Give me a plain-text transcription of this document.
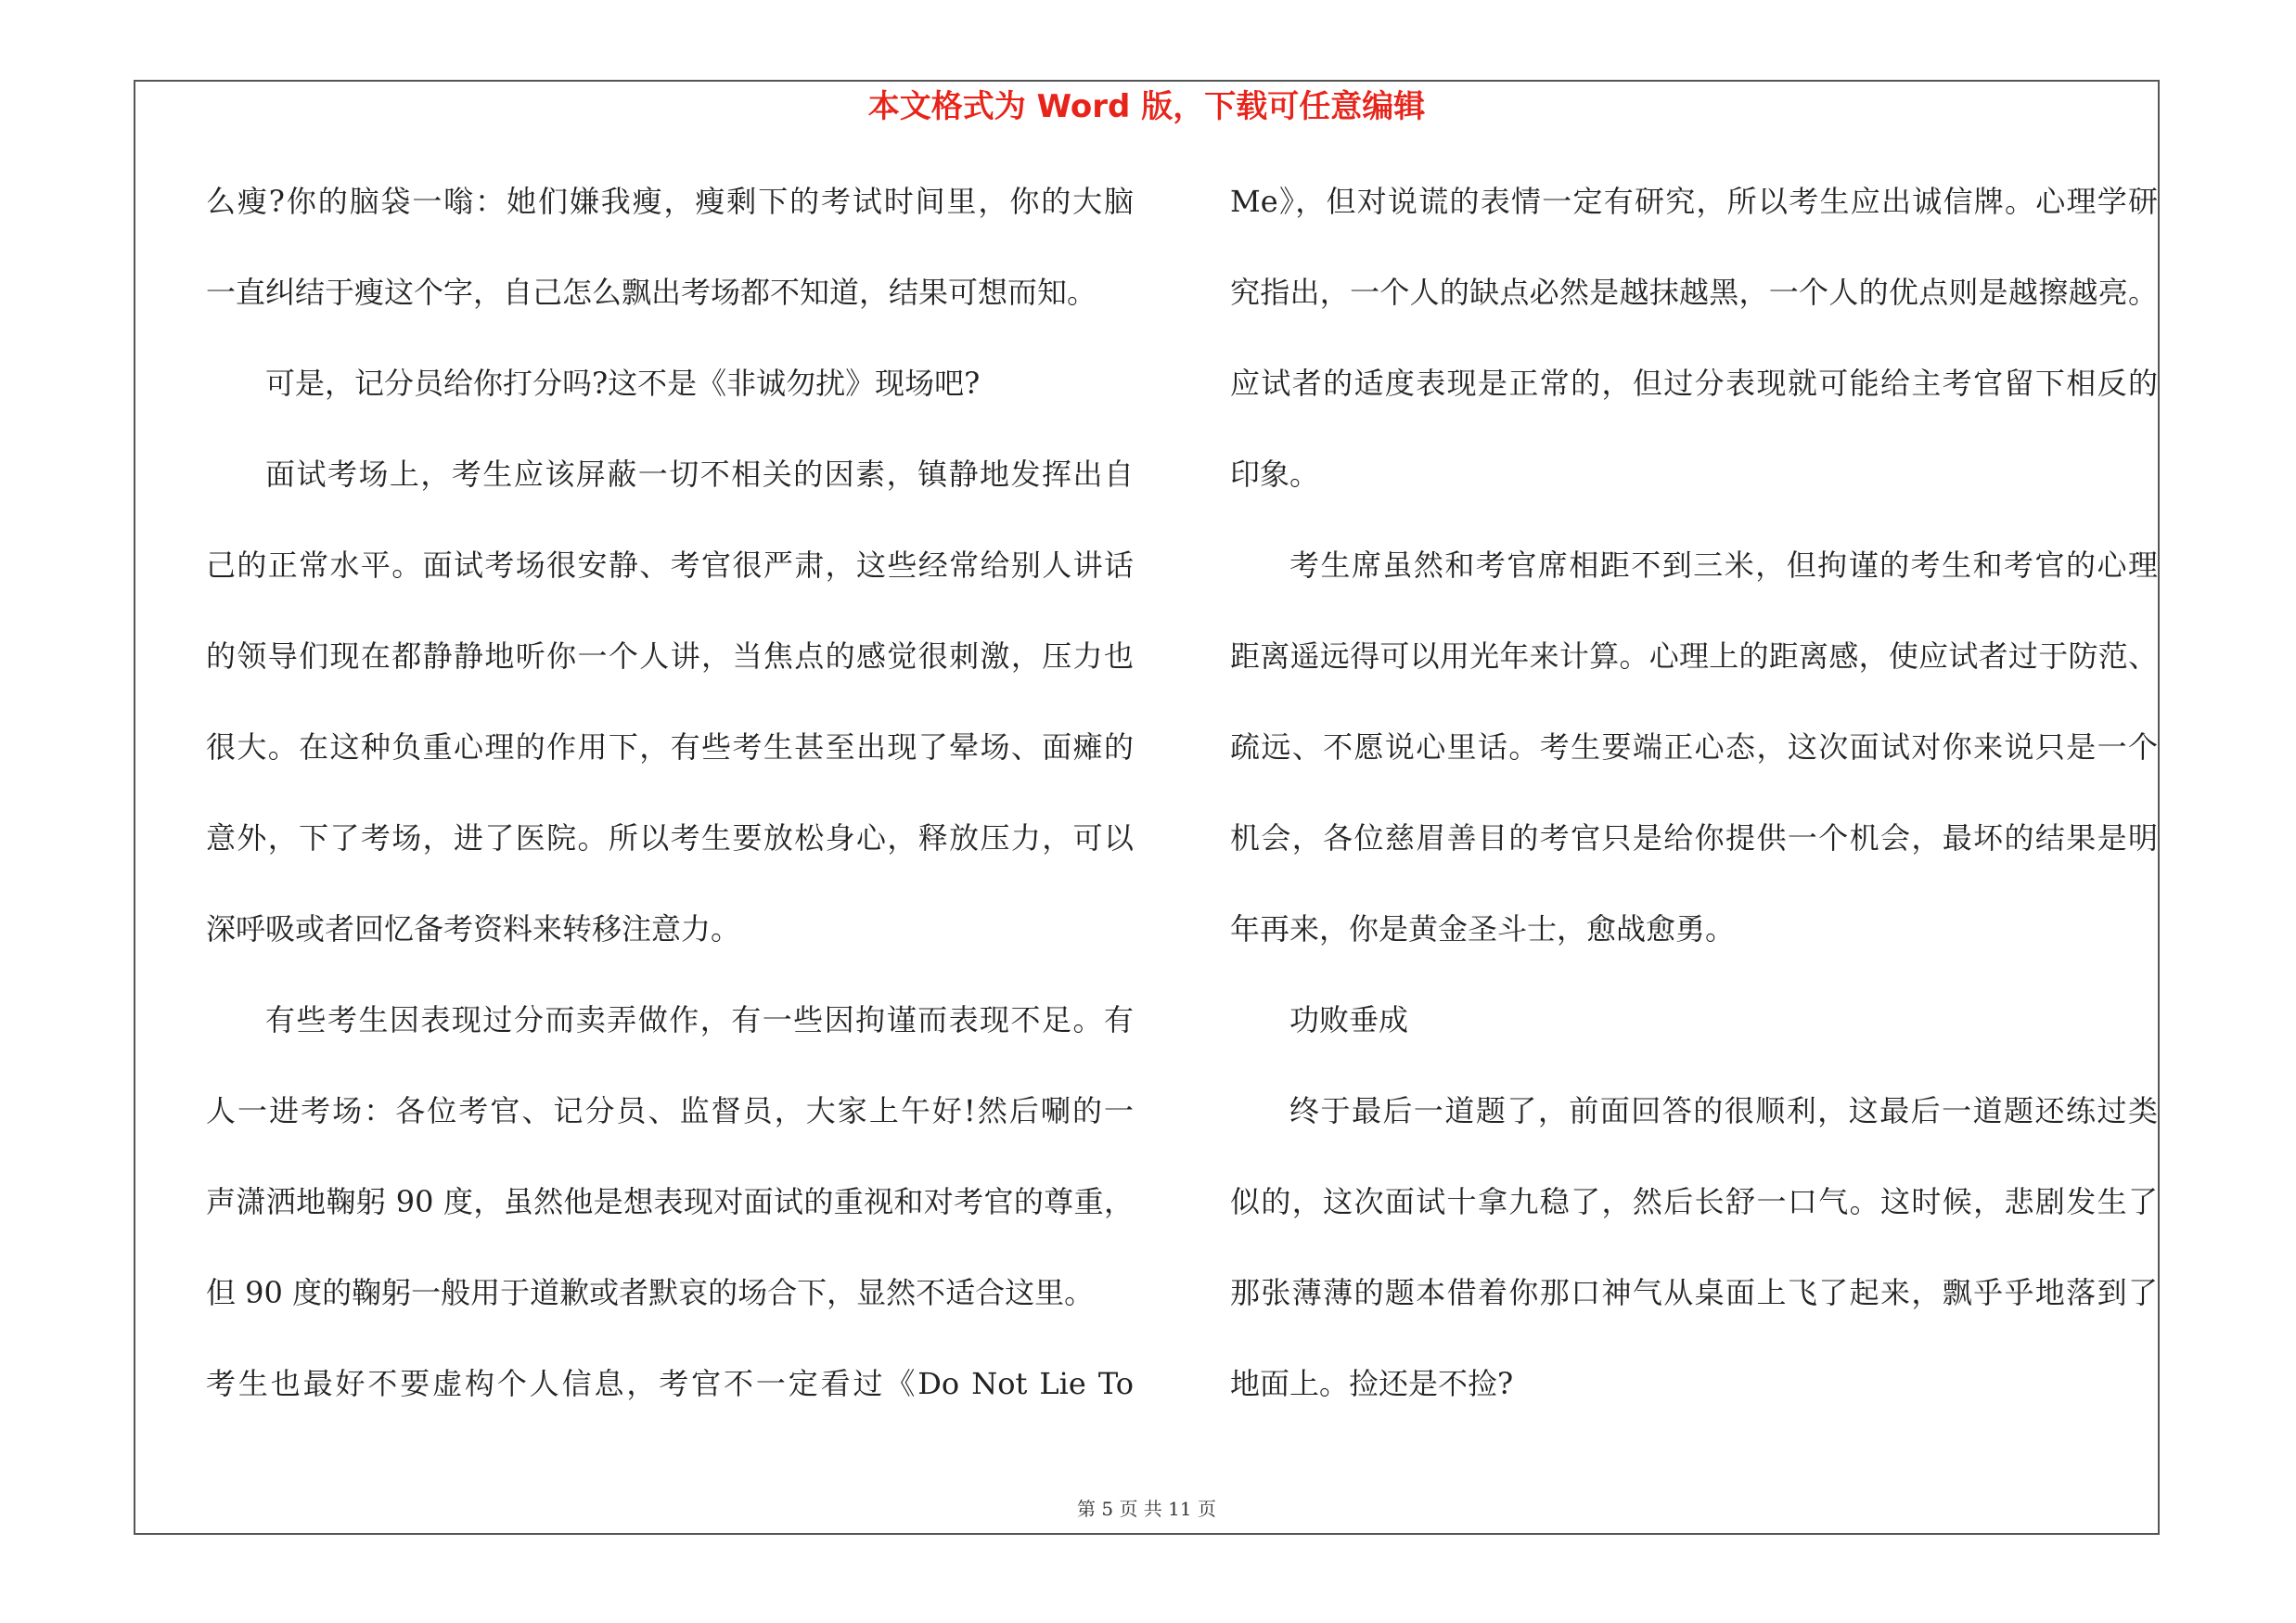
本文格式为 Word 版，下载可任意编辑
么瘦?你的脑袋一嗡：她们嫌我瘦，瘦剩下的考试时间里，你的大脑
一直纠结于瘦这个字，自己怎么飘出考场都不知道，结果可想而知。
可是，记分员给你打分吗?这不是《非诚勿扰》现场吧?
面试考场上，考生应该屏蔽一切不相关的因素，镇静地发挥出自
己的正常水平。面试考场很安静、考官很严肃，这些经常给别人讲话
的领导们现在都静静地听你一个人讲，当焦点的感觉很刺激，压力也
很大。在这种负重心理的作用下，有些考生甚至出现了晕场、面瘫的
意外，下了考场，进了医院。所以考生要放松身心，释放压力，可以
深呼吸或者回忆备考资料来转移注意力。
有些考生因表现过分而卖弄做作，有一些因拘谨而表现不足。有
人一进考场：各位考官、记分员、监督员，大家上午好!然后唰的一
声潇洒地鞠躬 90 度，虽然他是想表现对面试的重视和对考官的尊重，
但 90 度的鞠躬一般用于道歉或者默哀的场合下，显然不适合这里。
考生也最好不要虚构个人信息，考官不一定看过《Do Not Lie To
Me》，但对说谎的表情一定有研究，所以考生应出诚信牌。心理学研
究指出，一个人的缺点必然是越抹越黑，一个人的优点则是越擦越亮。
应试者的适度表现是正常的，但过分表现就可能给主考官留下相反的
印象。
考生席虽然和考官席相距不到三米，但拘谨的考生和考官的心理
距离遥远得可以用光年来计算。心理上的距离感，使应试者过于防范、
疏远、不愿说心里话。考生要端正心态，这次面试对你来说只是一个
机会，各位慈眉善目的考官只是给你提供一个机会，最坏的结果是明
年再来，你是黄金圣斗士，愈战愈勇。
功败垂成
终于最后一道题了，前面回答的很顺利，这最后一道题还练过类
似的，这次面试十拿九稳了，然后长舒一口气。这时候，悲剧发生了
那张薄薄的题本借着你那口神气从桌面上飞了起来，飘乎乎地落到了
地面上。捡还是不捡?
第 5 页 共 11 页
